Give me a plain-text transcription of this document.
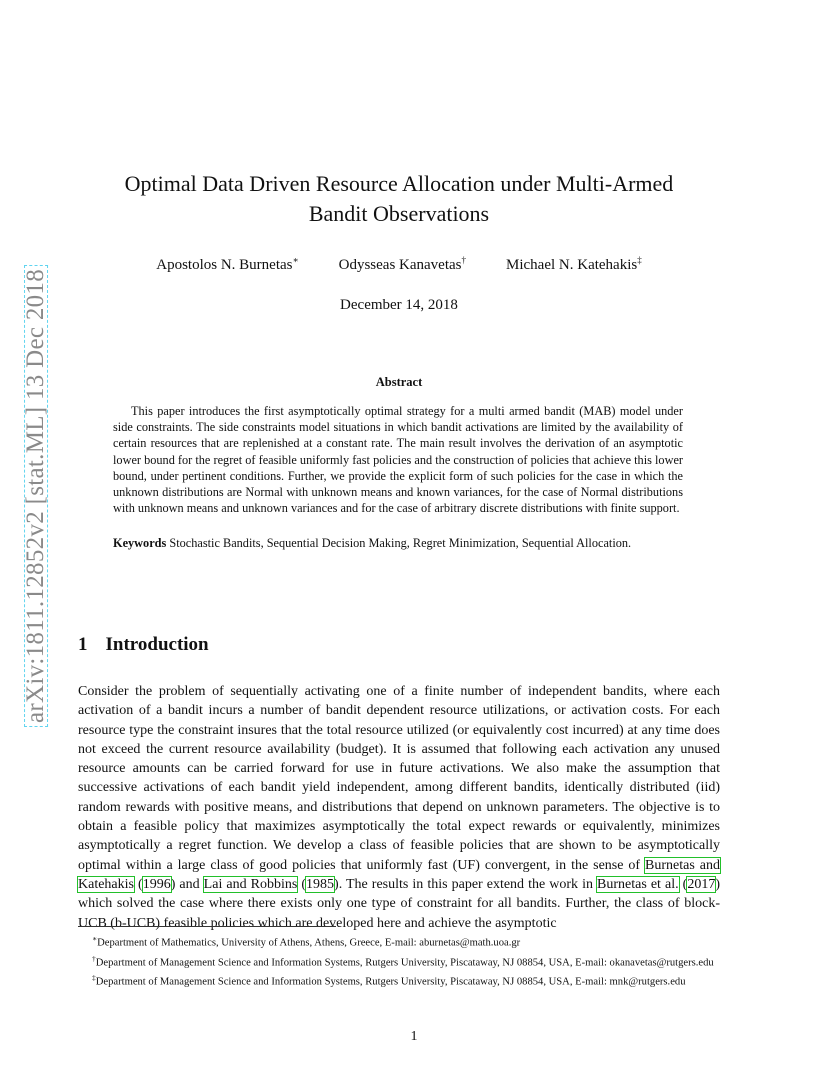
arXiv:1811.12852v2 [stat.ML] 13 Dec 2018
Optimal Data Driven Resource Allocation under Multi-Armed
Bandit Observations
Apostolos N. Burnetas∗	Odysseas Kanavetas†	Michael N. Katehakis‡
December 14, 2018
Abstract
This paper introduces the first asymptotically optimal strategy for a multi armed bandit (MAB) model under side constraints. The side constraints model situations in which bandit activations are limited by the availability of certain resources that are replenished at a constant rate. The main result involves the derivation of an asymptotic lower bound for the regret of feasible uniformly fast policies and the construction of policies that achieve this lower bound, under pertinent conditions. Further, we provide the explicit form of such policies for the case in which the unknown distributions are Normal with unknown means and known variances, for the case of Normal distributions with unknown means and unknown variances and for the case of arbitrary discrete distributions with finite support.
Keywords Stochastic Bandits, Sequential Decision Making, Regret Minimization, Sequential Allocation.
1 Introduction
Consider the problem of sequentially activating one of a finite number of independent bandits, where each activation of a bandit incurs a number of bandit dependent resource utilizations, or activation costs. For each resource type the constraint insures that the total resource utilized (or equivalently cost incurred) at any time does not exceed the current resource availability (budget). It is assumed that following each activation any unused resource amounts can be carried forward for use in future activations. We also make the assumption that successive activations of each bandit yield independent, among different bandits, identically distributed (iid) random rewards with positive means, and distributions that depend on unknown parameters. The objective is to obtain a feasible policy that maximizes asymptotically the total expect rewards or equivalently, minimizes asymptotically a regret function. We develop a class of feasible policies that are shown to be asymptotically optimal within a large class of good policies that uniformly fast (UF) convergent, in the sense of Burnetas and Katehakis (1996) and Lai and Robbins (1985). The results in this paper extend the work in Burnetas et al. (2017) which solved the case where there exists only one type of constraint for all bandits. Further, the class of block-UCB (b-UCB) feasible policies which are developed here and achieve the asymptotic

∗Department of Mathematics, University of Athens, Athens, Greece, E-mail: aburnetas@math.uoa.gr

†Department of Management Science and Information Systems, Rutgers University, Piscataway, NJ 08854, USA, E-mail: okanavetas@rutgers.edu

‡Department of Management Science and Information Systems, Rutgers University, Piscataway, NJ 08854, USA, E-mail: mnk@rutgers.edu

1
